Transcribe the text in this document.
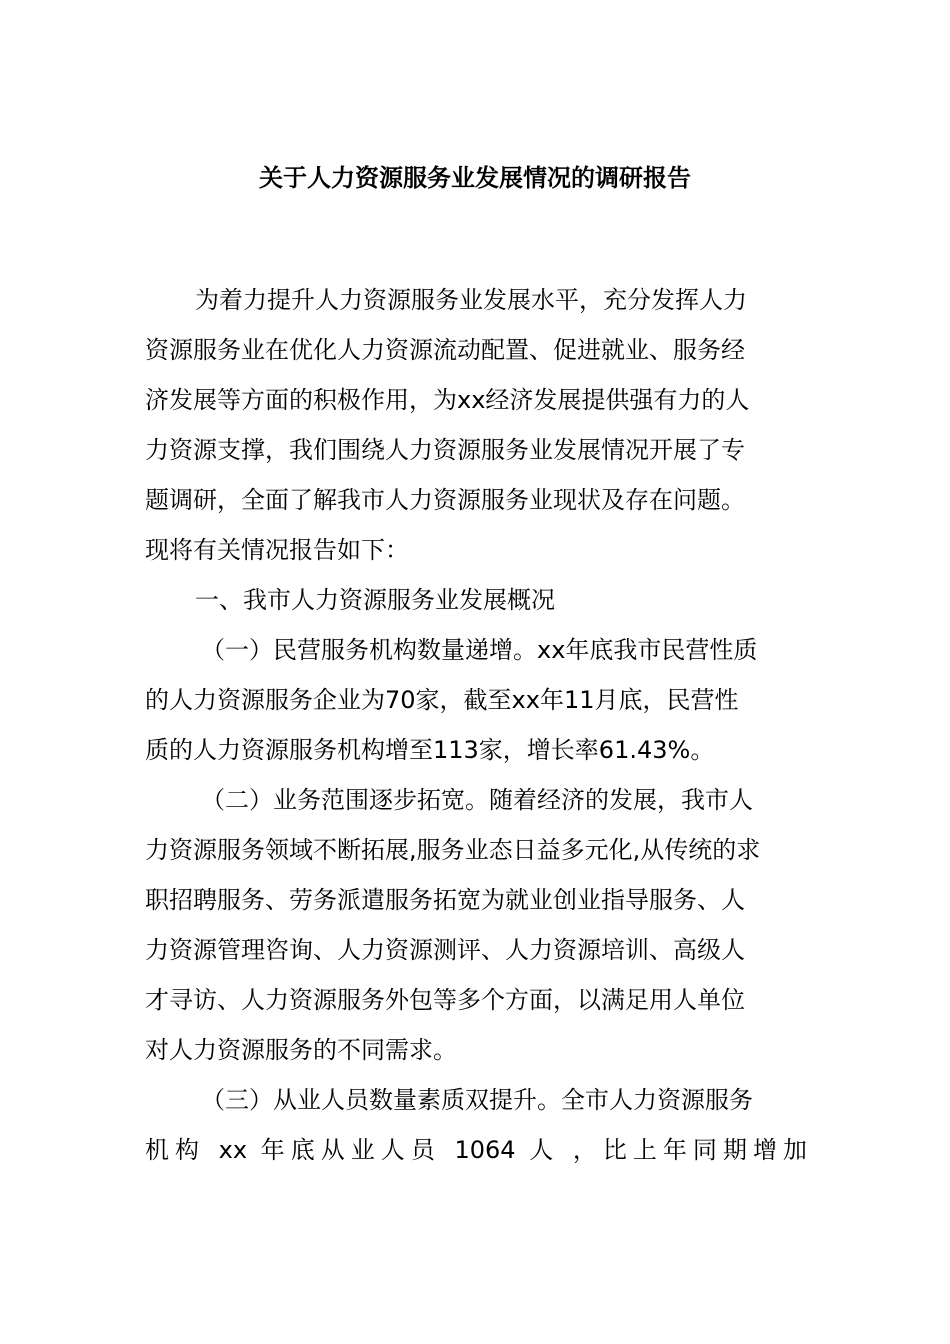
关于人力资源服务业发展情况的调研报告
为着力提升人力资源服务业发展水平，充分发挥人力
资源服务业在优化人力资源流动配置、促进就业、服务经
济发展等方面的积极作用，为xx经济发展提供强有力的人
力资源支撑，我们围绕人力资源服务业发展情况开展了专
题调研，全面了解我市人力资源服务业现状及存在问题。
现将有关情况报告如下：
一、我市人力资源服务业发展概况
（一）民营服务机构数量递增。xx年底我市民营性质
的人力资源服务企业为70家，截至xx年11月底，民营性
质的人力资源服务机构增至113家，增长率61.43%。
（二）业务范围逐步拓宽。随着经济的发展，我市人
力资源服务领域不断拓展,服务业态日益多元化,从传统的求
职招聘服务、劳务派遣服务拓宽为就业创业指导服务、人
力资源管理咨询、人力资源测评、人力资源培训、高级人
才寻访、人力资源服务外包等多个方面，以满足用人单位
对人力资源服务的不同需求。
（三）从业人员数量素质双提升。全市人力资源服务
机构 xx 年底从业人员 1064 人 ，比上年同期增加
